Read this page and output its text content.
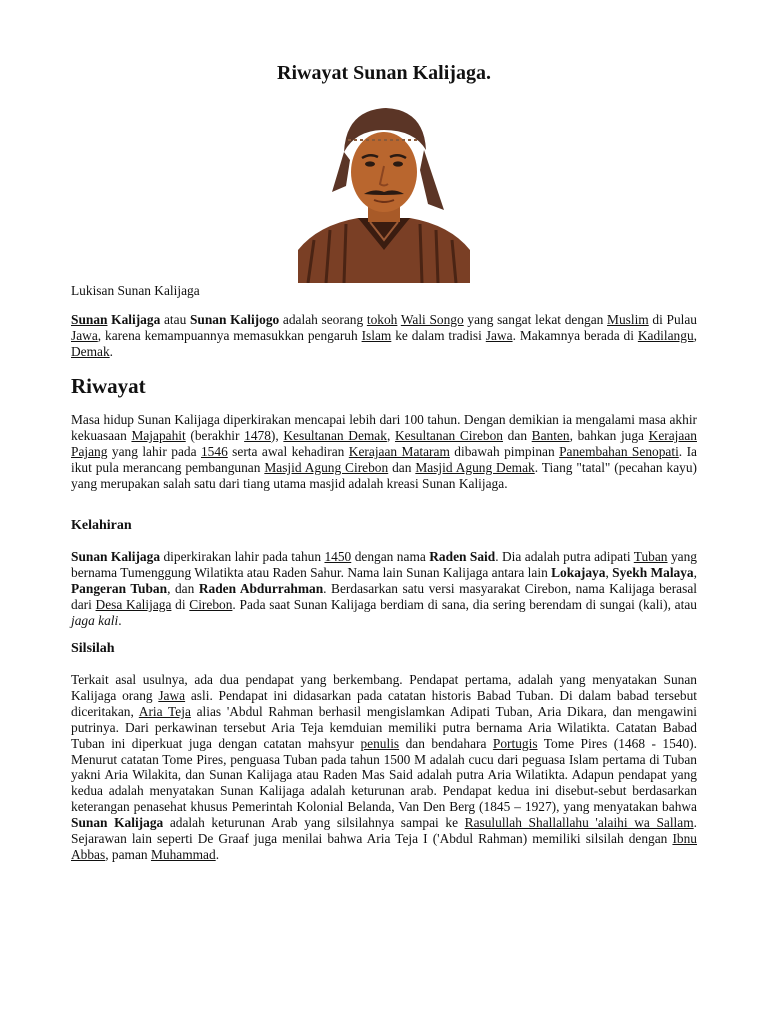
Riwayat Sunan Kalijaga.

Lukisan Sunan Kalijaga

Sunan Kalijaga atau Sunan Kalijogo adalah seorang tokoh Wali Songo yang sangat lekat dengan Muslim di Pulau Jawa, karena kemampuannya memasukkan pengaruh Islam ke dalam tradisi Jawa. Makamnya berada di Kadilangu, Demak.

Riwayat

Masa hidup Sunan Kalijaga diperkirakan mencapai lebih dari 100 tahun. Dengan demikian ia mengalami masa akhir kekuasaan Majapahit (berakhir 1478), Kesultanan Demak, Kesultanan Cirebon dan Banten, bahkan juga Kerajaan Pajang yang lahir pada 1546 serta awal kehadiran Kerajaan Mataram dibawah pimpinan Panembahan Senopati. Ia ikut pula merancang pembangunan Masjid Agung Cirebon dan Masjid Agung Demak. Tiang "tatal" (pecahan kayu) yang merupakan salah satu dari tiang utama masjid adalah kreasi Sunan Kalijaga.

Kelahiran

Sunan Kalijaga diperkirakan lahir pada tahun 1450 dengan nama Raden Said. Dia adalah putra adipati Tuban yang bernama Tumenggung Wilatikta atau Raden Sahur. Nama lain Sunan Kalijaga antara lain Lokajaya, Syekh Malaya, Pangeran Tuban, dan Raden Abdurrahman. Berdasarkan satu versi masyarakat Cirebon, nama Kalijaga berasal dari Desa Kalijaga di Cirebon. Pada saat Sunan Kalijaga berdiam di sana, dia sering berendam di sungai (kali), atau jaga kali.

Silsilah

Terkait asal usulnya, ada dua pendapat yang berkembang. Pendapat pertama, adalah yang menyatakan Sunan Kalijaga orang Jawa asli. Pendapat ini didasarkan pada catatan historis Babad Tuban. Di dalam babad tersebut diceritakan, Aria Teja alias 'Abdul Rahman berhasil mengislamkan Adipati Tuban, Aria Dikara, dan mengawini putrinya. Dari perkawinan tersebut Aria Teja kemduian memiliki putra bernama Aria Wilatikta. Catatan Babad Tuban ini diperkuat juga dengan catatan mahsyur penulis dan bendahara Portugis Tome Pires (1468 - 1540). Menurut catatan Tome Pires, penguasa Tuban pada tahun 1500 M adalah cucu dari peguasa Islam pertama di Tuban yakni Aria Wilakita, dan Sunan Kalijaga atau Raden Mas Said adalah putra Aria Wilatikta. Adapun pendapat yang kedua adalah menyatakan Sunan Kalijaga adalah keturunan arab. Pendapat kedua ini disebut-sebut berdasarkan keterangan penasehat khusus Pemerintah Kolonial Belanda, Van Den Berg (1845 – 1927), yang menyatakan bahwa Sunan Kalijaga adalah keturunan Arab yang silsilahnya sampai ke Rasulullah Shallallahu 'alaihi wa Sallam. Sejarawan lain seperti De Graaf juga menilai bahwa Aria Teja I ('Abdul Rahman) memiliki silsilah dengan Ibnu Abbas, paman Muhammad.
